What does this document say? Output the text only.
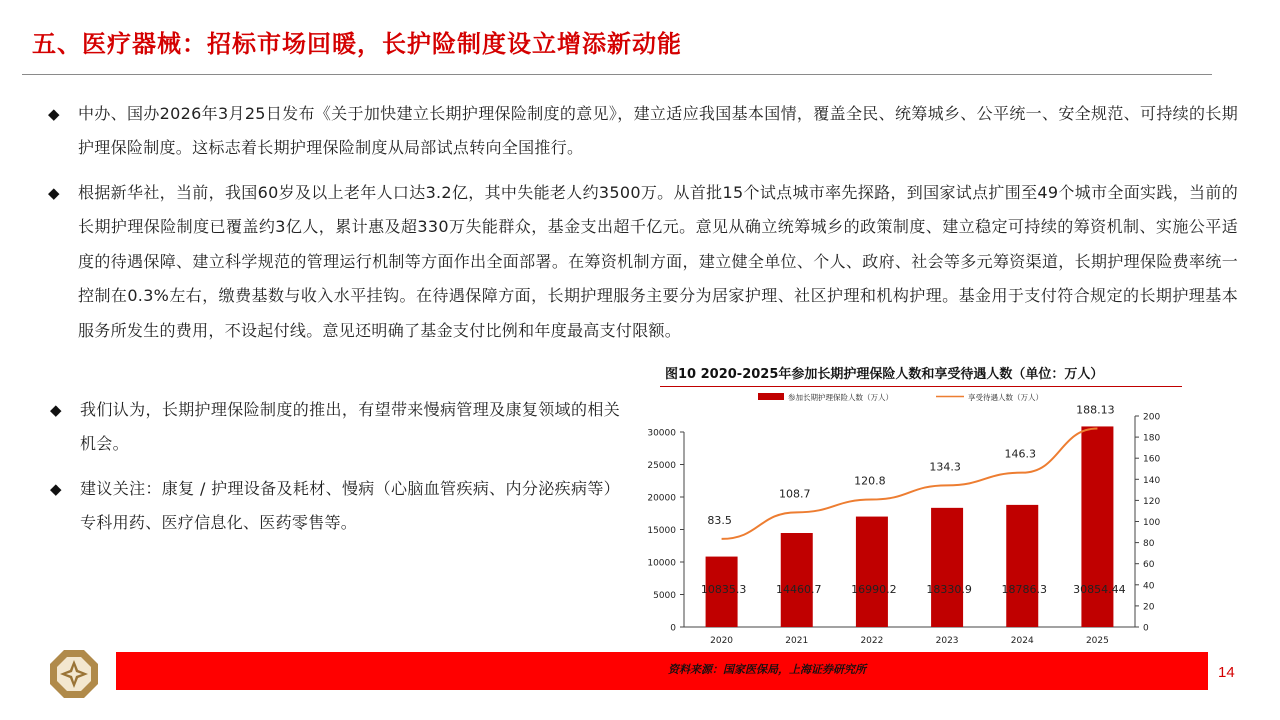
五、医疗器械：招标市场回暖，长护险制度设立增添新动能
◆ 中办、国办2026年3月25日发布《关于加快建立长期护理保险制度的意见》，建立适应我国基本国情，覆盖全民、统筹城乡、公平统一、安全规范、可持续的长期护理保险制度。这标志着长期护理保险制度从局部试点转向全国推行。
◆ 根据新华社，当前，我国60岁及以上老年人口达3.2亿，其中失能老人约3500万。从首批15个试点城市率先探路，到国家试点扩围至49个城市全面实践，当前的长期护理保险制度已覆盖约3亿人，累计惠及超330万失能群众，基金支出超千亿元。意见从确立统筹城乡的政策制度、建立稳定可持续的筹资机制、实施公平适度的待遇保障、建立科学规范的管理运行机制等方面作出全面部署。在筹资机制方面，建立健全单位、个人、政府、社会等多元筹资渠道，长期护理保险费率统一控制在0.3%左右，缴费基数与收入水平挂钩。在待遇保障方面，长期护理服务主要分为居家护理、社区护理和机构护理。基金用于支付符合规定的长期护理基本服务所发生的费用，不设起付线。意见还明确了基金支付比例和年度最高支付限额。
◆ 我们认为，长期护理保险制度的推出，有望带来慢病管理及康复领域的相关机会。
◆ 建议关注：康复 / 护理设备及耗材、慢病（心脑血管疾病、内分泌疾病等）专科用药、医疗信息化、医药零售等。
图10 2020-2025年参加长期护理保险人数和享受待遇人数（单位：万人）
0
5000
10000
15000
20000
25000
30000
0
20
40
60
80
100
120
140
160
180
200
2020	2021	2022	2023	2024	2025
10835.3	14460.7	16990.2	18330.9	18786.3 30854.44
83.5
108.7
120.8
134.3
146.3
188.13
参加长期护理保险人数（万人）	享受待遇人数（万人）
资料来源：国家医保局，上海证券研究所	14
